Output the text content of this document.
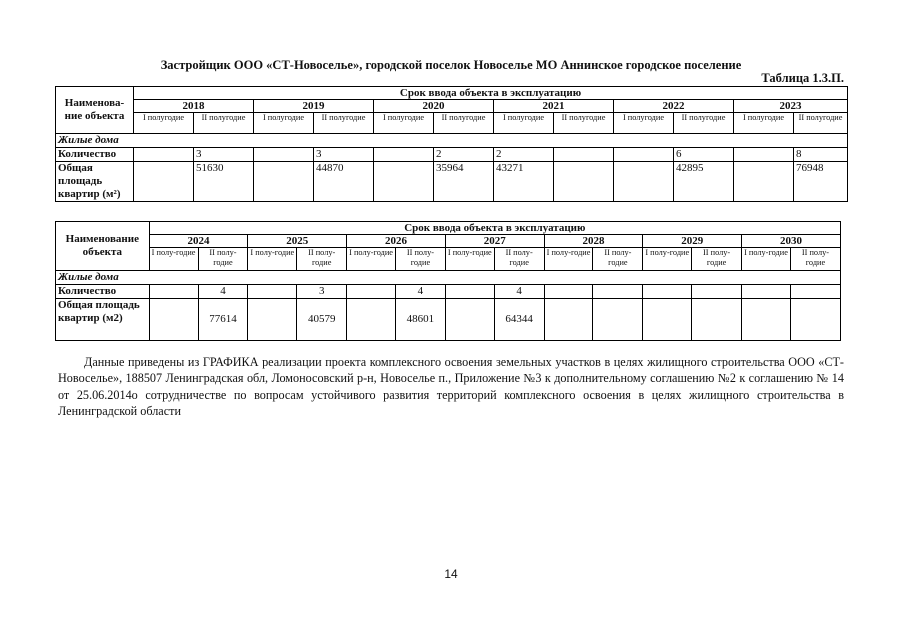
Застройщик ООО «СТ-Новоселье», городской поселок Новоселье МО Аннинское городское поселение
Таблица 1.3.П.
Наименова-ние объекта	Срок ввода объекта в эксплуатацию											
	2018		2019		2020		2021		2022		2023	
	I полугодие	II полугодие	I полугодие	II полугодие	I полугодие	II полугодие	I полугодие	II полугодие	I полугодие	II полугодие	I полугодие	II полугодие
Жилые дома												
Количество		3		3		2	2			6		8
Общая площадь квартир (м²)		51630		44870		35964	43271			42895		76948
Наименование объекта	Срок ввода объекта в эксплуатацию													
	2024		2025		2026		2027		2028		2029		2030	
	I полу-годие	II полу-годие	I полу-годие	II полу-годие	I полу-годие	II полу-годие	I полу-годие	II полу-годие	I полу-годие	II полу-годие	I полу-годие	II полу-годие	I полу-годие	II полу-годие
Жилые дома														
Количество		4		3		4		4						
Общая площадь квартир (м2)		77614		40579		48601		64344						
Данные приведены из ГРАФИКА реализации проекта комплексного освоения земельных участков в целях жилищного строительства ООО «СТ-Новоселье», 188507 Ленинградская обл, Ломоносовский р-н, Новоселье п., Приложение №3 к дополнительному соглашению №2 к соглашению № 14 от 25.06.2014о сотрудничестве по вопросам устойчивого развития территорий комплексного освоения в целях жилищного строительства в Ленинградской области
14
